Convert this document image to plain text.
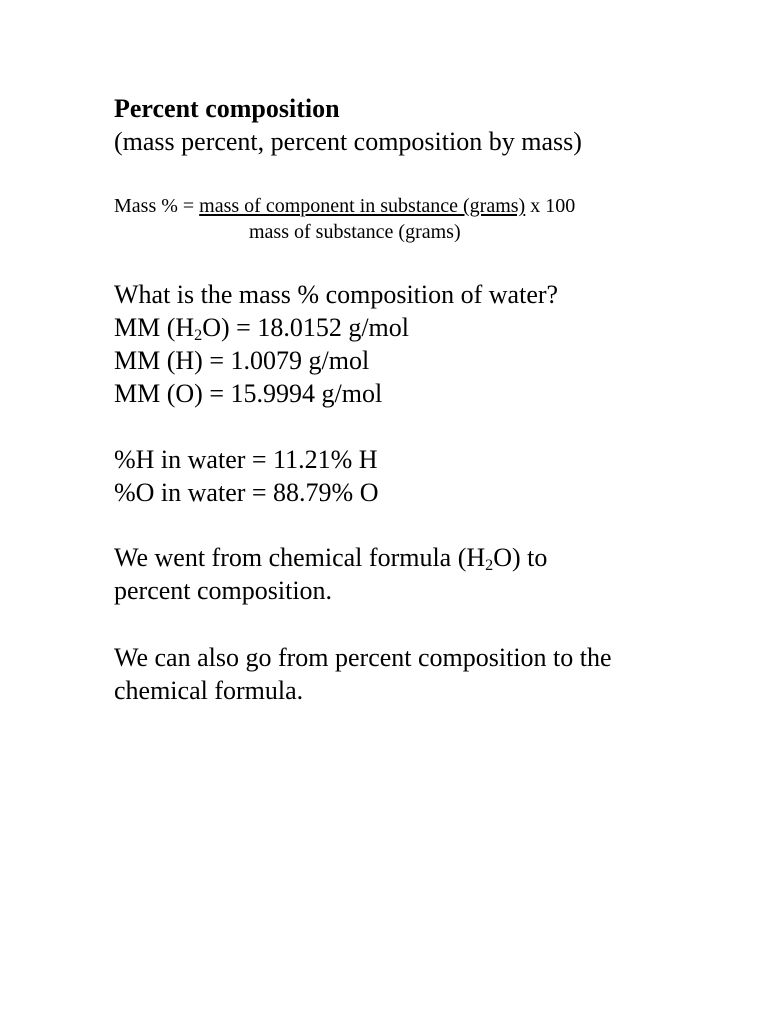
Percent composition
(mass percent, percent composition by mass)
Mass % = mass of component in substance (grams) x 100
mass of substance (grams)
What is the mass % composition of water?
MM $(H_2O) = 18.0152$ g/mol
MM (H) = 1.0079 g/mol
MM (O) = 15.9994 g/mol
%H in water = 11.21% H
%O in water = 88.79% O
We went from chemical formula $(H_2O)$ to
percent composition.
We can also go from percent composition to the
chemical formula.
